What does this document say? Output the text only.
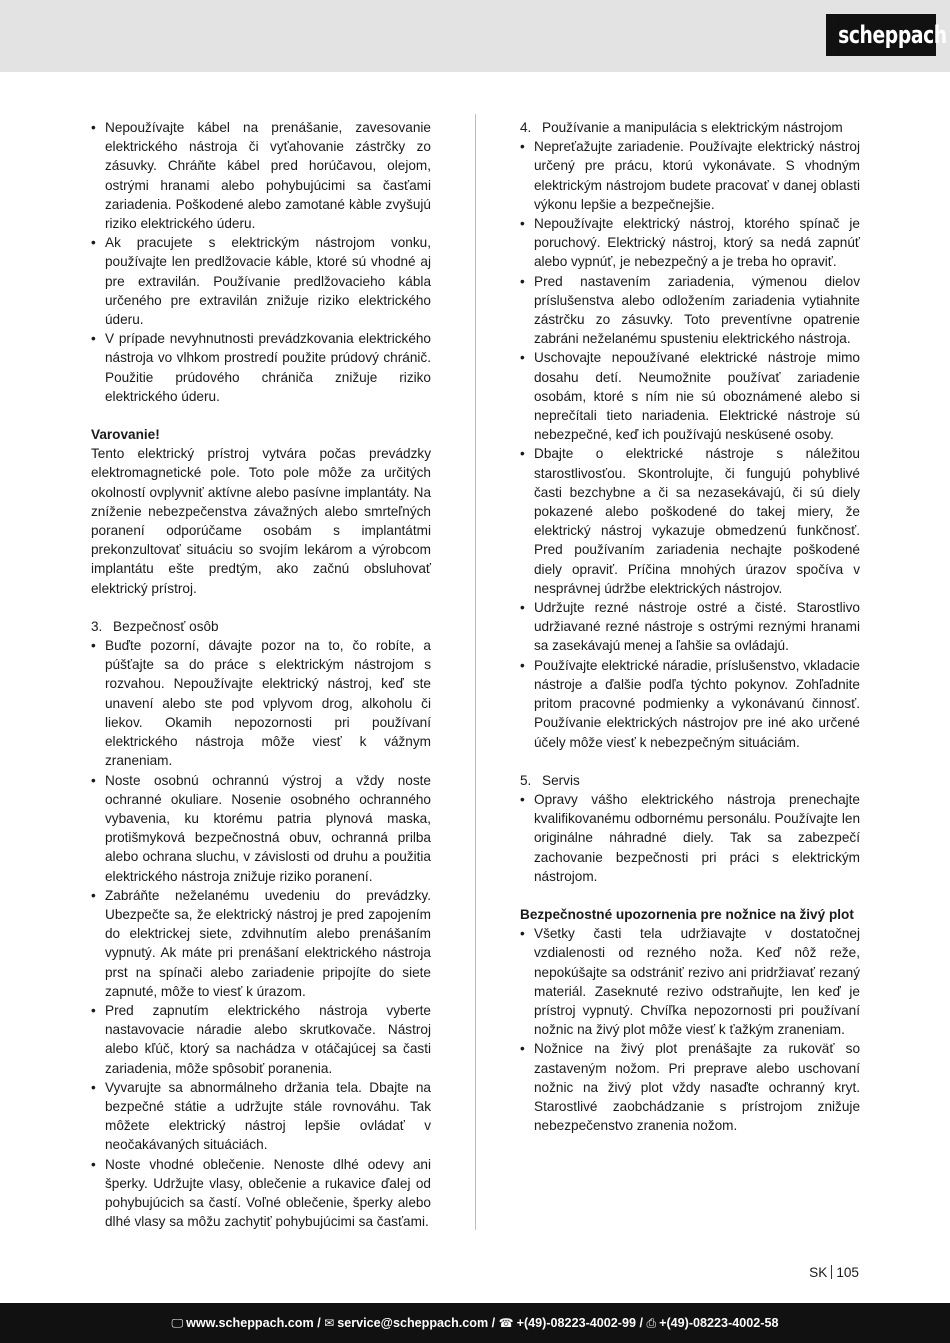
scheppach
• Nepoužívajte kábel na prenášanie, zavesovanie elektrického nástroja či vyťahovanie zástrčky zo zásuvky. Chráňte kábel pred horúčavou, olejom, ostrými hranami alebo pohybujúcimi sa časťami zariadenia. Poškodené alebo zamotané kàble zvyšujú riziko elektrického úderu.
• Ak pracujete s elektrickým nástrojom vonku, používajte len predlžovacie káble, ktoré sú vhodné aj pre extravilán. Používanie predlžovacieho kábla určeného pre extravilán znižuje riziko elektrického úderu.
• V prípade nevyhnutnosti prevádzkovania elektrického nástroja vo vlhkom prostredí použite prúdový chránič. Použitie prúdového chrániča znižuje riziko elektrického úderu.

Varovanie!

Tento elektrický prístroj vytvára počas prevádzky elektromagnetické pole. Toto pole môže za určitých okolností ovplyvniť aktívne alebo pasívne implantáty. Na zníženie nebezpečenstva závažných alebo smrteľných poranení odporúčame osobám s implantátmi prekonzultovať situáciu so svojím lekárom a výrobcom implantátu ešte predtým, ako začnú obsluhovať elektrický prístroj.

3. Bezpečnosť osôb
• Buďte pozorní, dávajte pozor na to, čo robíte, a púšťajte sa do práce s elektrickým nástrojom s rozvahou. Nepoužívajte elektrický nástroj, keď ste unavení alebo ste pod vplyvom drog, alkoholu či liekov. Okamih nepozornosti pri používaní elektrického nástroja môže viesť k vážnym zraneniam.
• Noste osobnú ochrannú výstroj a vždy noste ochranné okuliare. Nosenie osobného ochranného vybavenia, ku ktorému patria plynová maska, protišmyková bezpečnostná obuv, ochranná prilba alebo ochrana sluchu, v závislosti od druhu a použitia elektrického nástroja znižuje riziko poranení.
• Zabráňte neželanému uvedeniu do prevádzky. Ubezpečte sa, že elektrický nástroj je pred zapojením do elektrickej siete, zdvihnutím alebo prenášaním vypnutý. Ak máte pri prenášaní elektrického nástroja prst na spínači alebo zariadenie pripojíte do siete zapnuté, môže to viesť k úrazom.
• Pred zapnutím elektrického nástroja vyberte nastavovacie náradie alebo skrutkovače. Nástroj alebo kľúč, ktorý sa nachádza v otáčajúcej sa časti zariadenia, môže spôsobiť poranenia.
• Vyvarujte sa abnormálneho držania tela. Dbajte na bezpečné státie a udržujte stále rovnováhu. Tak môžete elektrický nástroj lepšie ovládať v neočakávaných situáciách.
• Noste vhodné oblečenie. Nenoste dlhé odevy ani šperky. Udržujte vlasy, oblečenie a rukavice ďalej od pohybujúcich sa častí. Voľné oblečenie, šperky alebo dlhé vlasy sa môžu zachytiť pohybujúcimi sa časťami.
4. Používanie a manipulácia s elektrickým nástrojom
• Nepreťažujte zariadenie. Používajte elektrický nástroj určený pre prácu, ktorú vykonávate. S vhodným elektrickým nástrojom budete pracovať v danej oblasti výkonu lepšie a bezpečnejšie.
• Nepoužívajte elektrický nástroj, ktorého spínač je poruchový. Elektrický nástroj, ktorý sa nedá zapnúť alebo vypnúť, je nebezpečný a je treba ho opraviť.
• Pred nastavením zariadenia, výmenou dielov príslušenstva alebo odložením zariadenia vytiahnite zástrčku zo zásuvky. Toto preventívne opatrenie zabráni neželanému spusteniu elektrického nástroja.
• Uschovajte nepoužívané elektrické nástroje mimo dosahu detí. Neumožnite používať zariadenie osobám, ktoré s ním nie sú oboznámené alebo si neprečítali tieto nariadenia. Elektrické nástroje sú nebezpečné, keď ich používajú neskúsené osoby.
• Dbajte o elektrické nástroje s náležitou starostlivosťou. Skontrolujte, či fungujú pohyblivé časti bezchybne a či sa nezasekávajú, či sú diely pokazené alebo poškodené do takej miery, že elektrický nástroj vykazuje obmedzenú funkčnosť. Pred používaním zariadenia nechajte poškodené diely opraviť. Príčina mnohých úrazov spočíva v nesprávnej údržbe elektrických nástrojov.
• Udržujte rezné nástroje ostré a čisté. Starostlivo udržiavané rezné nástroje s ostrými reznými hranami sa zasekávajú menej a ľahšie sa ovládajú.
• Používajte elektrické náradie, príslušenstvo, vkladacie nástroje a ďalšie podľa týchto pokynov. Zohľadnite pritom pracovné podmienky a vykonávanú činnosť. Používanie elektrických nástrojov pre iné ako určené účely môže viesť k nebezpečným situáciám.
5. Servis
• Opravy vášho elektrického nástroja prenechajte kvalifikovanému odbornému personálu. Používajte len originálne náhradné diely. Tak sa zabezpečí zachovanie bezpečnosti pri práci s elektrickým nástrojom.

Bezpečnostné upozornenia pre nožnice na živý plot

• Všetky časti tela udržiavajte v dostatočnej vzdialenosti od rezného noža. Keď nôž reže, nepokúšajte sa odstrániť rezivo ani pridržiavať rezaný materiál. Zaseknuté rezivo odstraňujte, len keď je prístroj vypnutý. Chvíľka nepozornosti pri používaní nožnic na živý plot môže viesť k ťažkým zraneniam.
• Nožnice na živý plot prenášajte za rukoväť so zastaveným nožom. Pri preprave alebo uschovaní nožnic na živý plot vždy nasaďte ochranný kryt. Starostlivé zaobchádzanie s prístrojom znižuje nebezpečenstvo zranenia nožom.
SK 105
🖵 www.scheppach.com / ✉ service@scheppach.com / ☎ +(49)-08223-4002-99 / ⎙ +(49)-08223-4002-58
